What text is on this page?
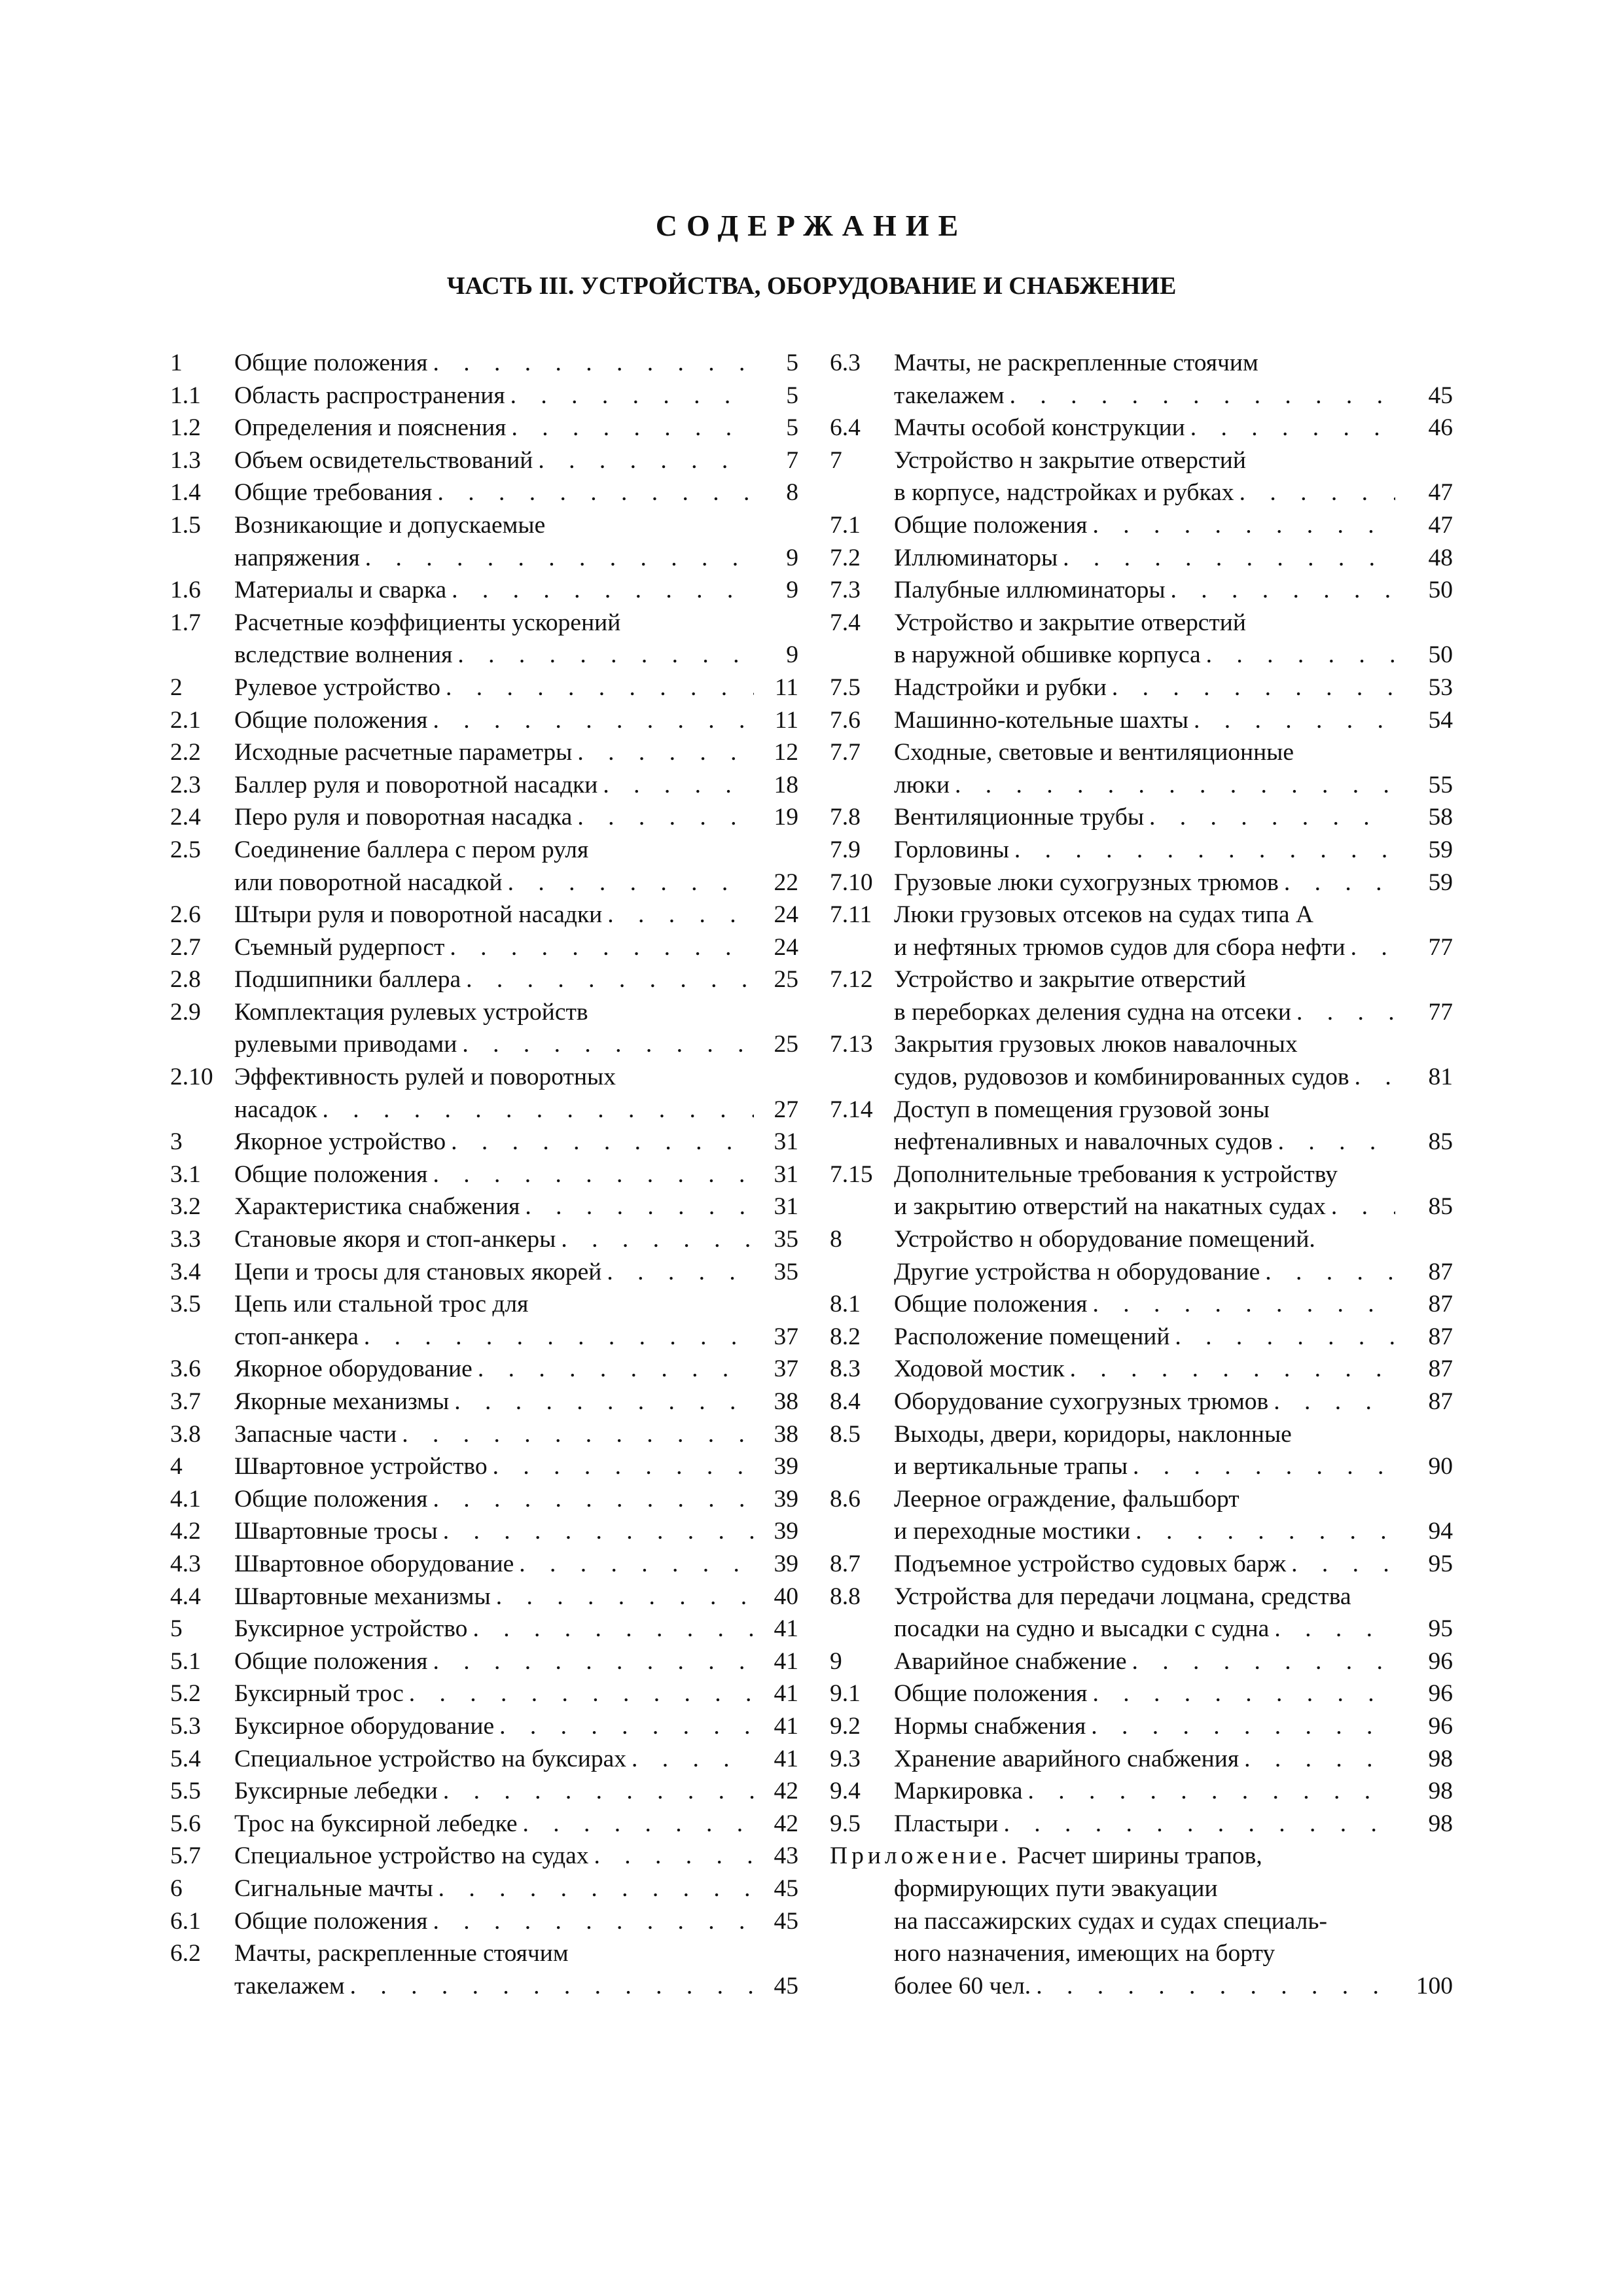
СОДЕРЖАНИЕ
ЧАСТЬ III. УСТРОЙСТВА, ОБОРУДОВАНИЕ И СНАБЖЕНИЕ
1	Общие положения . . .	5
1.1	Область распространения . . .	5
1.2	Определения и пояснения . . .	5
1.3	Объем освидетельствований . . .	7
1.4	Общие требования . . .	8
1.5	Возникающие и допускаемые
напряжения . . .	9
1.6	Материалы и сварка . . .	9
1.7	Расчетные коэффициенты ускорений
вследствие волнения . . .	9
2	Рулевое устройство . . .	11
2.1	Общие положения . . .	11
2.2	Исходные расчетные параметры . . .	12
2.3	Баллер руля и поворотной насадки . . .	18
2.4	Перо руля и поворотная насадка . . .	19
2.5	Соединение баллера с пером руля
или поворотной насадкой . . .	22
2.6	Штыри руля и поворотной насадки . . .	24
2.7	Съемный рудерпост . . .	24
2.8	Подшипники баллера . . .	25
2.9	Комплектация рулевых устройств
рулевыми приводами . . .	25
2.10 Эффективность рулей и поворотных
насадок . . .	27
3	Якорное устройство . . .	31
3.1	Общие положения . . .	31
3.2	Характеристика снабжения . . .	31
3.3	Становые якоря и стоп-анкеры . . .	35
3.4	Цепи и тросы для становых якорей . . .	35
3.5	Цепь или стальной трос для
стоп-анкера . . .	37
3.6	Якорное оборудование . . .	37
3.7	Якорные механизмы . . .	38
3.8	Запасные части . . .	38
4	Швартовное устройство . . .	39
4.1	Общие положения . . .	39
4.2	Швартовные тросы . . .	39
4.3	Швартовное оборудование . . .	39
4.4	Швартовные механизмы . . .	40
5	Буксирное устройство . . .	41
5.1	Общие положения . . .	41
5.2	Буксирный трос . . .	41
5.3	Буксирное оборудование . . .	41
5.4	Специальное устройство на буксирах . . .	41
5.5	Буксирные лебедки . . .	42
5.6	Трос на буксирной лебедке . . .	42
5.7	Специальное устройство на судах . . .	43
6	Сигнальные мачты . . .	45
6.1	Общие положения . . .	45
6.2	Мачты, раскрепленные стоячим
такелажем . . .	45
6.3	Мачты, не раскрепленные стоячим
такелажем . . .	45
6.4	Мачты особой конструкции . . .	46
7	Устройство н закрытие отверстий
в корпусе, надстройках и рубках . . .	47
7.1	Общие положения . . .	47
7.2	Иллюминаторы . . .	48
7.3	Палубные иллюминаторы . . .	50
7.4	Устройство и закрытие отверстий
в наружной обшивке корпуса . . .	50
7.5	Надстройки и рубки . . .	53
7.6	Машинно-котельные шахты . . .	54
7.7	Сходные, световые и вентиляционные
люки . . .	55
7.8	Вентиляционные трубы . . .	58
7.9	Горловины . . .	59
7.10 Грузовые люки сухогрузных трюмов . . .	59
7.11 Люки грузовых отсеков на судах типа А
и нефтяных трюмов судов для сбора нефти . . .	77
7.12 Устройство и закрытие отверстий
в переборках деления судна на отсеки . . .	77
7.13 Закрытия грузовых люков навалочных
судов, рудовозов и комбинированных судов . . .	81
7.14 Доступ в помещения грузовой зоны
нефтеналивных и навалочных судов . . .	85
7.15 Дополнительные требования к устройству
и закрытию отверстий на накатных судах . . .	85
8	Устройство н оборудование помещений.
Другие устройства н оборудование . . .	87
8.1	Общие положения . . .	87
8.2	Расположение помещений . . .	87
8.3	Ходовой мостик . . .	87
8.4	Оборудование сухогрузных трюмов . . .	87
8.5	Выходы, двери, коридоры, наклонные
и вертикальные трапы . . .	90
8.6	Леерное ограждение, фальшборт
и переходные мостики . . .	94
8.7	Подъемное устройство судовых барж . . .	95
8.8	Устройства для передачи лоцмана, средства
посадки на судно и высадки с судна . . .	95
9	Аварийное снабжение . . .	96
9.1	Общие положения . . .	96
9.2	Нормы снабжения . . .	96
9.3	Хранение аварийного снабжения . . .	98
9.4	Маркировка . . .	98
9.5	Пластыри . . .	98
Приложение. Расчет ширины трапов,
формирующих пути эвакуации
на пассажирских судах и судах специаль-
ного назначения, имеющих на борту
более 60 чел. . . .	100
